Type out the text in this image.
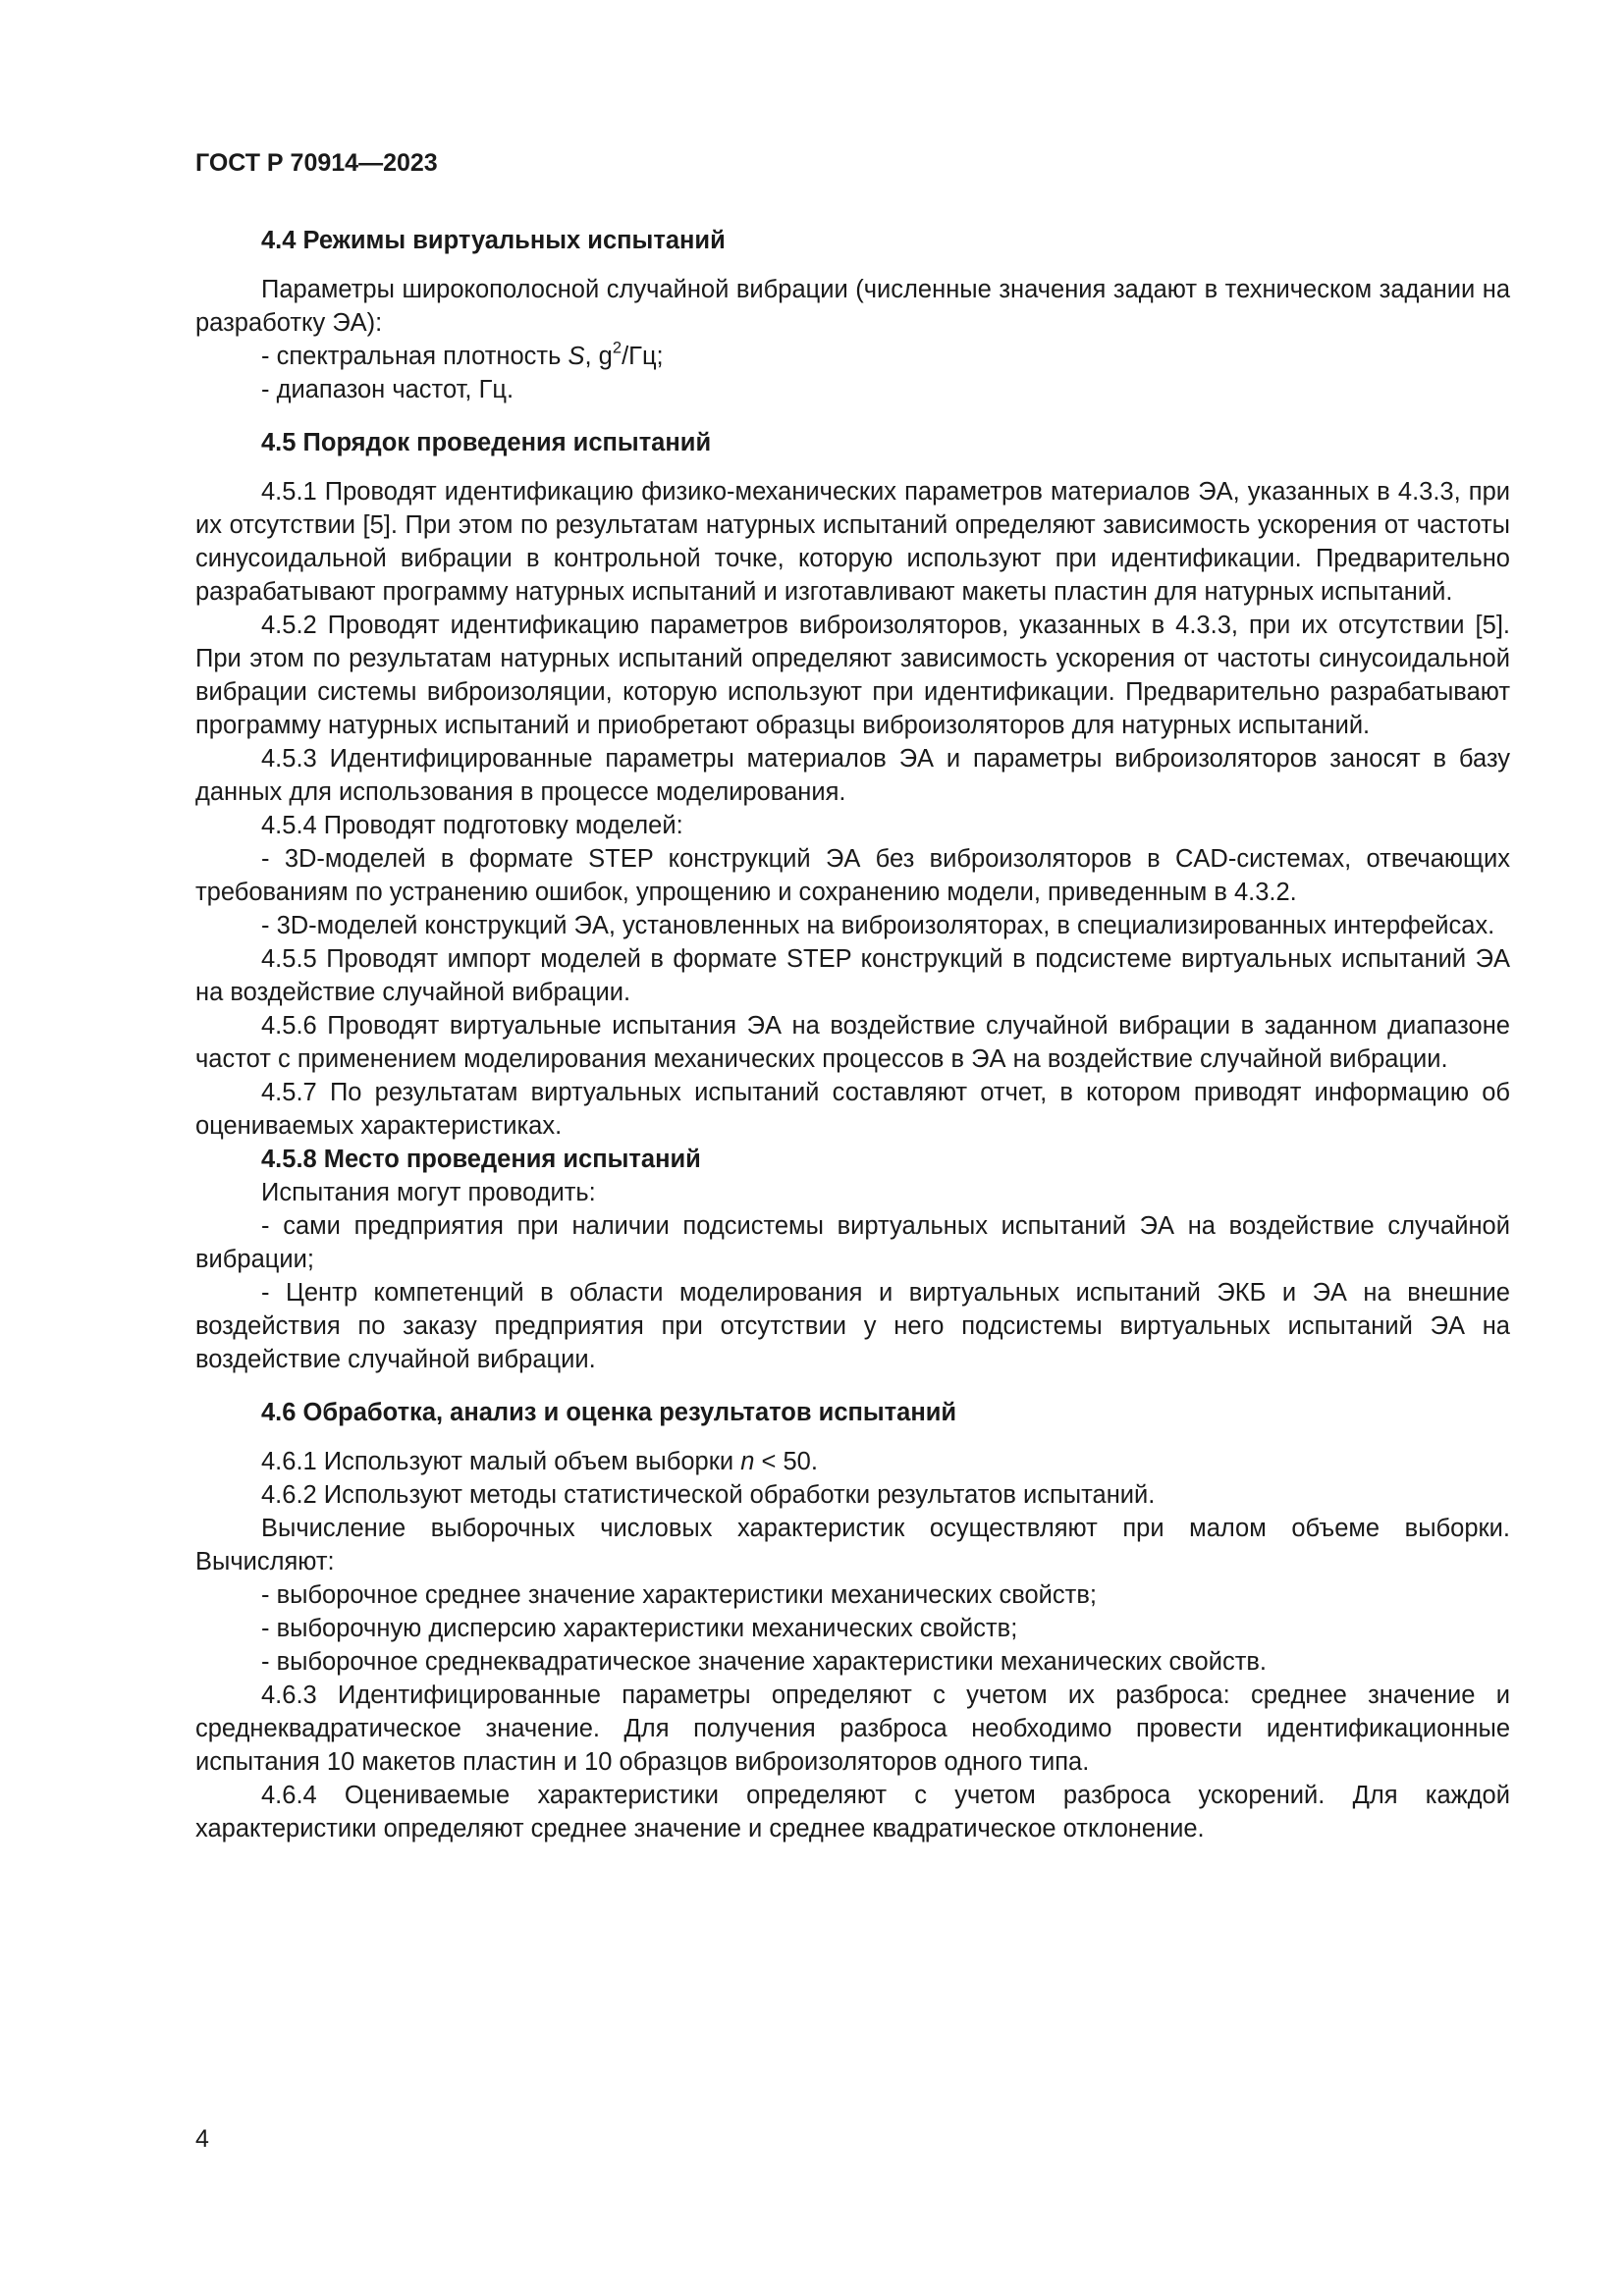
ГОСТ Р 70914—2023

4.4 Режимы виртуальных испытаний

Параметры широкополосной случайной вибрации (численные значения задают в техническом задании на разработку ЭА):

- спектральная плотность S, $g^2/Гц$;

- диапазон частот, Гц.

4.5 Порядок проведения испытаний

4.5.1 Проводят идентификацию физико-механических параметров материалов ЭА, указанных в 4.3.3, при их отсутствии [5]. При этом по результатам натурных испытаний определяют зависимость ускорения от частоты синусоидальной вибрации в контрольной точке, которую используют при идентификации. Предварительно разрабатывают программу натурных испытаний и изготавливают макеты пластин для натурных испытаний.

4.5.2 Проводят идентификацию параметров виброизоляторов, указанных в 4.3.3, при их отсутствии [5]. При этом по результатам натурных испытаний определяют зависимость ускорения от частоты синусоидальной вибрации системы виброизоляции, которую используют при идентификации. Предварительно разрабатывают программу натурных испытаний и приобретают образцы виброизоляторов для натурных испытаний.

4.5.3 Идентифицированные параметры материалов ЭА и параметры виброизоляторов заносят в базу данных для использования в процессе моделирования.

4.5.4 Проводят подготовку моделей:

- 3D-моделей в формате STEP конструкций ЭА без виброизоляторов в CAD-системах, отвечающих требованиям по устранению ошибок, упрощению и сохранению модели, приведенным в 4.3.2.

- 3D-моделей конструкций ЭА, установленных на виброизоляторах, в специализированных интерфейсах.

4.5.5 Проводят импорт моделей в формате STEP конструкций в подсистеме виртуальных испытаний ЭА на воздействие случайной вибрации.

4.5.6 Проводят виртуальные испытания ЭА на воздействие случайной вибрации в заданном диапазоне частот с применением моделирования механических процессов в ЭА на воздействие случайной вибрации.

4.5.7 По результатам виртуальных испытаний составляют отчет, в котором приводят информацию об оцениваемых характеристиках.

4.5.8 Место проведения испытаний

Испытания могут проводить:

- сами предприятия при наличии подсистемы виртуальных испытаний ЭА на воздействие случайной вибрации;

- Центр компетенций в области моделирования и виртуальных испытаний ЭКБ и ЭА на внешние воздействия по заказу предприятия при отсутствии у него подсистемы виртуальных испытаний ЭА на воздействие случайной вибрации.

4.6 Обработка, анализ и оценка результатов испытаний

4.6.1 Используют малый объем выборки n < 50.

4.6.2 Используют методы статистической обработки результатов испытаний.

Вычисление выборочных числовых характеристик осуществляют при малом объеме выборки. Вычисляют:

- выборочное среднее значение характеристики механических свойств;

- выборочную дисперсию характеристики механических свойств;

- выборочное среднеквадратическое значение характеристики механических свойств.

4.6.3 Идентифицированные параметры определяют с учетом их разброса: среднее значение и среднеквадратическое значение. Для получения разброса необходимо провести идентификационные испытания 10 макетов пластин и 10 образцов виброизоляторов одного типа.

4.6.4 Оцениваемые характеристики определяют с учетом разброса ускорений. Для каждой характеристики определяют среднее значение и среднее квадратическое отклонение.

4
